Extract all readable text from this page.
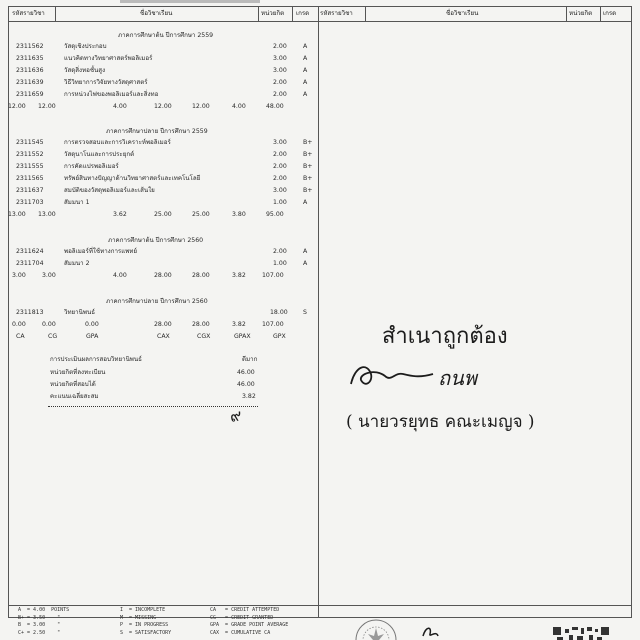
รหัสรายวิชา	ชื่อวิชาเรียน	หน่วยกิต เกรด รหัสรายวิชา	ชื่อวิชาเรียน	หน่วยกิต เกรด
ภาคการศึกษาต้น ปีการศึกษา 2559
2311562	วัสดุเชิงประกอบ	2.00	A
2311635	แนวคิดทางวิทยาศาสตร์พอลิเมอร์	3.00	A
2311636	วัสดุสิ่งทอชั้นสูง	3.00	A
2311639	วิธีวิทยาการวิจัยทางวัสดุศาสตร์	2.00	A
2311659	การหน่วงไฟของพอลิเมอร์และสิ่งทอ	2.00	A
12.00 12.00	4.00	12.00	12.00	4.00	48.00
ภาคการศึกษาปลาย ปีการศึกษา 2559
2311545	การตรวจสอบและการวิเคราะห์พอลิเมอร์	3.00	B+
2311552	วัสดุนาโนและการประยุกต์	2.00	B+
2311555	การคัดแปรพอลิเมอร์	2.00	B+
2311565	ทรัพย์สินทางปัญญาด้านวิทยาศาสตร์และเทคโนโลยี	2.00	B+
2311637	สมบัติของวัสดุพอลิเมอร์และเส้นใย	3.00	B+
2311703	สัมมนา 1	1.00	A
13.00 13.00	3.62	25.00	25.00	3.80	95.00
ภาคการศึกษาต้น ปีการศึกษา 2560
2311624	พอลิเมอร์ที่ใช้ทางการแพทย์	2.00	A
2311704	สัมมนา 2	1.00	A
3.00	3.00	4.00	28.00	28.00	3.82	107.00
ภาคการศึกษาปลาย ปีการศึกษา 2560
2311813	วิทยานิพนธ์	18.00 S
0.00	0.00	0.00	28.00	28.00	3.82	107.00
CA	CG	GPA	CAX	CGX	GPAX	GPX
การประเมินผลการสอบวิทยานิพนธ์	ดีมาก
หน่วยกิตที่ลงทะเบียน	46.00
หน่วยกิตที่สอบได้	46.00
คะแนนเฉลี่ยสะสม	3.82
๙
สำเนาถูกต้อง
ถนพ
( นายวรยุทธ คณะเมญจ )
A  = 4.00  POINTS
B+ = 3.50    "
B  = 3.00    "
C+ = 2.50    "
I  = INCOMPLETE
M  = MISSING
P  = IN PROGRESS
S  = SATISFACTORY
CA   = CREDIT ATTEMPTED
CG   = CREDIT GRANTED
GPA  = GRADE POINT AVERAGE
CAX  = CUMULATIVE CA
